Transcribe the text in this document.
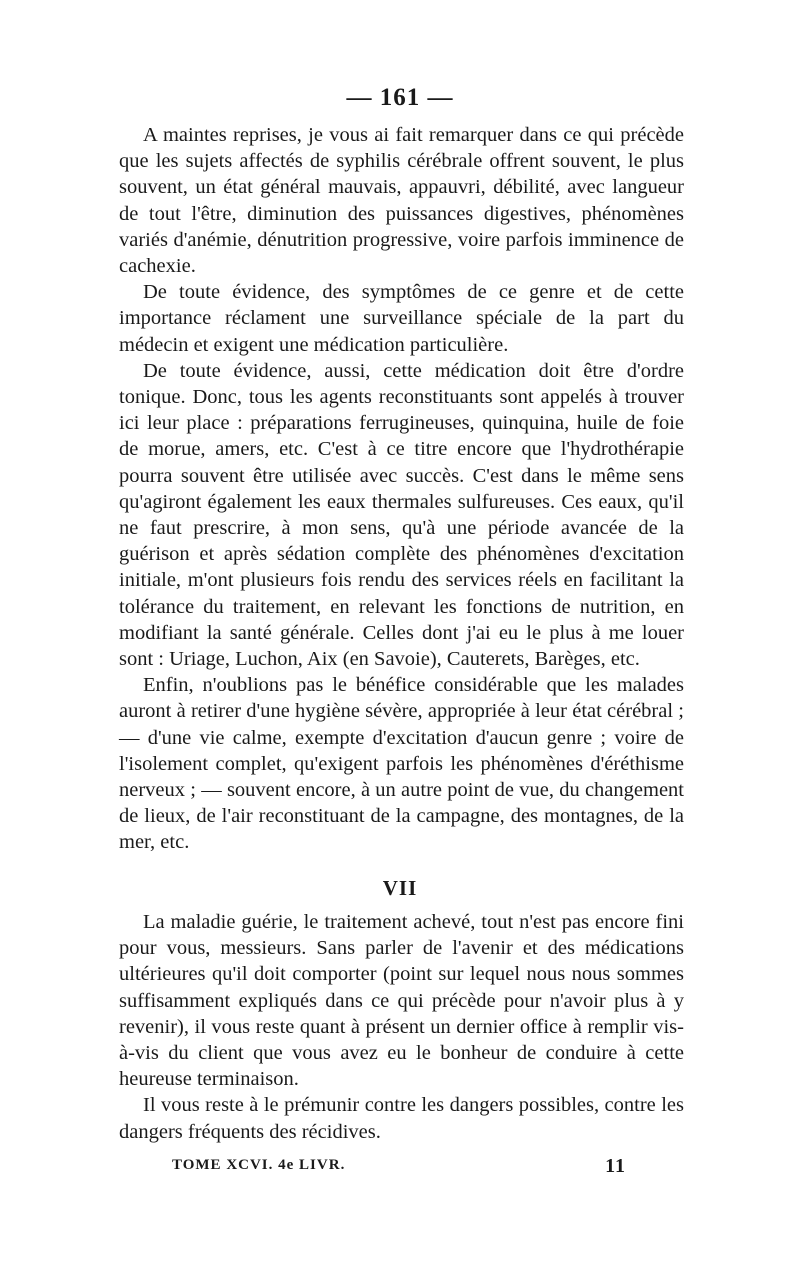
— 161 —

A maintes reprises, je vous ai fait remarquer dans ce qui précède que les sujets affectés de syphilis cérébrale offrent souvent, le plus souvent, un état général mauvais, appauvri, débilité, avec langueur de tout l'être, diminution des puissances digestives, phénomènes variés d'anémie, dénutrition progressive, voire parfois imminence de cachexie.

De toute évidence, des symptômes de ce genre et de cette importance réclament une surveillance spéciale de la part du médecin et exigent une médication particulière.

De toute évidence, aussi, cette médication doit être d'ordre tonique. Donc, tous les agents reconstituants sont appelés à trouver ici leur place : préparations ferrugineuses, quinquina, huile de foie de morue, amers, etc. C'est à ce titre encore que l'hydrothérapie pourra souvent être utilisée avec succès. C'est dans le même sens qu'agiront également les eaux thermales sulfureuses. Ces eaux, qu'il ne faut prescrire, à mon sens, qu'à une période avancée de la guérison et après sédation complète des phénomènes d'excitation initiale, m'ont plusieurs fois rendu des services réels en facilitant la tolérance du traitement, en relevant les fonctions de nutrition, en modifiant la santé générale. Celles dont j'ai eu le plus à me louer sont : Uriage, Luchon, Aix (en Savoie), Cauterets, Barèges, etc.

Enfin, n'oublions pas le bénéfice considérable que les malades auront à retirer d'une hygiène sévère, appropriée à leur état cérébral ; — d'une vie calme, exempte d'excitation d'aucun genre ; voire de l'isolement complet, qu'exigent parfois les phénomènes d'éréthisme nerveux ; — souvent encore, à un autre point de vue, du changement de lieux, de l'air reconstituant de la campagne, des montagnes, de la mer, etc.

VII

La maladie guérie, le traitement achevé, tout n'est pas encore fini pour vous, messieurs. Sans parler de l'avenir et des médications ultérieures qu'il doit comporter (point sur lequel nous nous sommes suffisamment expliqués dans ce qui précède pour n'avoir plus à y revenir), il vous reste quant à présent un dernier office à remplir vis-à-vis du client que vous avez eu le bonheur de conduire à cette heureuse terminaison.

Il vous reste à le prémunir contre les dangers possibles, contre les dangers fréquents des récidives.

TOME XCVI. 4e LIVR.	11
